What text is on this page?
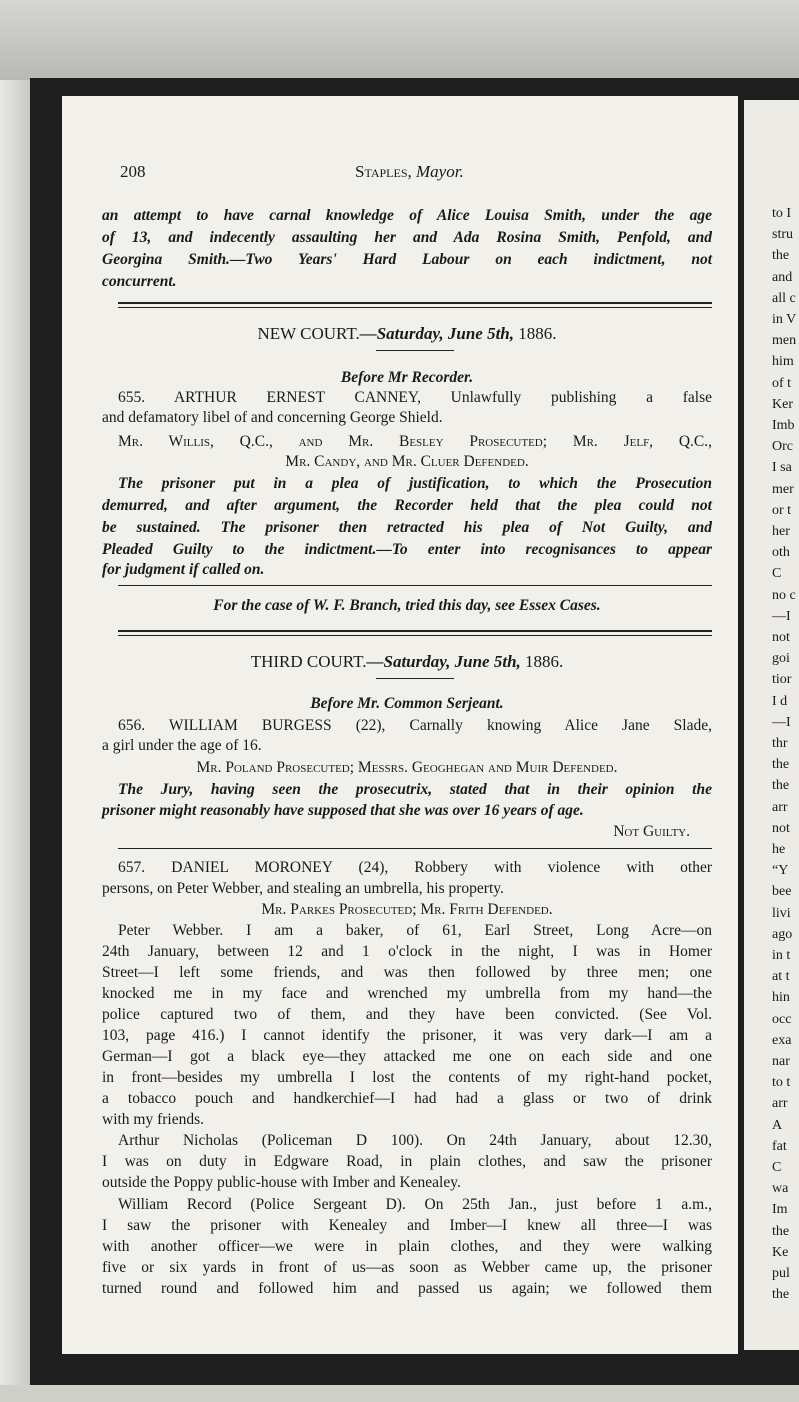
to I
stru
the
and
all c
in V
men
him
of t
Ker
Imb
Orc
I sa
mer
or t
her
oth
C
no c
—I
not
goi
tior
I d
—I
thr
the
the
arr
not
he
“Y
bee
livi
ago
in t
at t
hin
occ
exa
nar
to t
arr
A
fat
C
wa
Im
the
Ke
pul
the
208	Staples, Mayor.
an attempt to have carnal knowledge of Alice Louisa Smith, under the age
of 13, and indecently assaulting her and Ada Rosina Smith, Penfold, and
Georgina Smith.—Two Years' Hard Labour on each indictment, not
concurrent.
NEW COURT.—Saturday, June 5th, 1886.
Before Mr Recorder.
655. ARTHUR ERNEST CANNEY, Unlawfully publishing a false
and defamatory libel of and concerning George Shield.
Mr. Willis, Q.C., and Mr. Besley Prosecuted; Mr. Jelf, Q.C.,
Mr. Candy, and Mr. Cluer Defended.
The prisoner put in a plea of justification, to which the Prosecution
demurred, and after argument, the Recorder held that the plea could not
be sustained. The prisoner then retracted his plea of Not Guilty, and
Pleaded Guilty to the indictment.—To enter into recognisances to appear
for judgment if called on.
For the case of W. F. Branch, tried this day, see Essex Cases.
THIRD COURT.—Saturday, June 5th, 1886.
Before Mr. Common Serjeant.
656. WILLIAM BURGESS (22), Carnally knowing Alice Jane Slade,
a girl under the age of 16.
Mr. Poland Prosecuted; Messrs. Geoghegan and Muir Defended.
The Jury, having seen the prosecutrix, stated that in their opinion the
prisoner might reasonably have supposed that she was over 16 years of age.
Not Guilty.
657. DANIEL MORONEY (24), Robbery with violence with other
persons, on Peter Webber, and stealing an umbrella, his property.
Mr. Parkes Prosecuted; Mr. Frith Defended.
Peter Webber. I am a baker, of 61, Earl Street, Long Acre—on
24th January, between 12 and 1 o'clock in the night, I was in Homer
Street—I left some friends, and was then followed by three men; one
knocked me in my face and wrenched my umbrella from my hand—the
police captured two of them, and they have been convicted. (See Vol.
103, page 416.) I cannot identify the prisoner, it was very dark—I am a
German—I got a black eye—they attacked me one on each side and one
in front—besides my umbrella I lost the contents of my right-hand pocket,
a tobacco pouch and handkerchief—I had had a glass or two of drink
with my friends.
Arthur Nicholas (Policeman D 100). On 24th January, about 12.30,
I was on duty in Edgware Road, in plain clothes, and saw the prisoner
outside the Poppy public-house with Imber and Kenealey.
William Record (Police Sergeant D). On 25th Jan., just before 1 a.m.,
I saw the prisoner with Kenealey and Imber—I knew all three—I was
with another officer—we were in plain clothes, and they were walking
five or six yards in front of us—as soon as Webber came up, the prisoner
turned round and followed him and passed us again; we followed them
